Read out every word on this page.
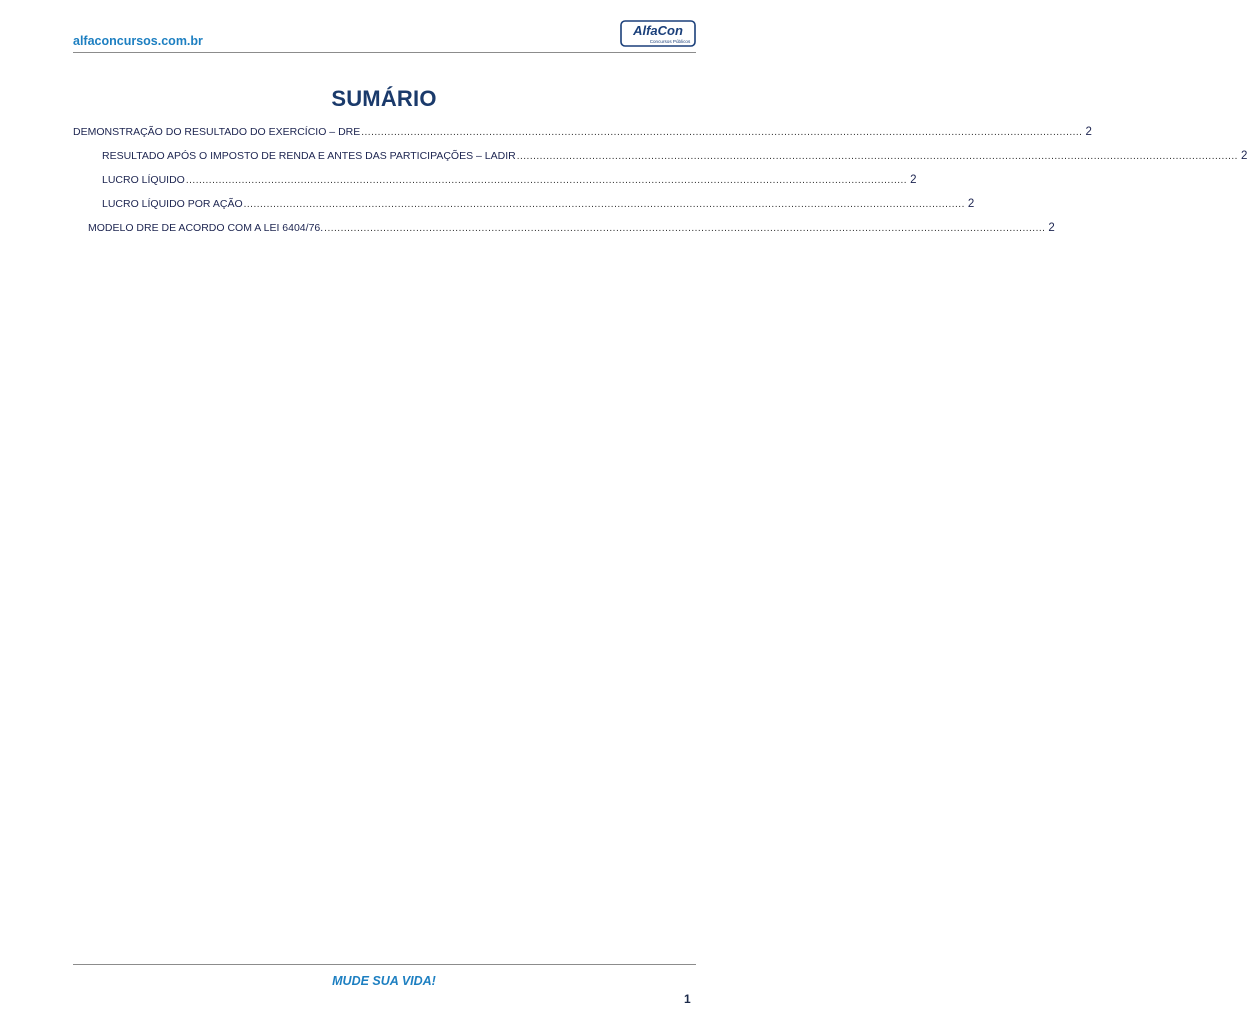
alfaconcursos.com.br
AlfaCon
Concursos Públicos
SUMÁRIO
DEMONSTRAÇÃO DO RESULTADO DO EXERCÍCIO – DRE ............................................................................................................................................................................................................................ 2
RESULTADO APÓS O IMPOSTO DE RENDA E ANTES DAS PARTICIPAÇÕES – LADIR ............................................................................................................................................................................................................................ 2
LUCRO LÍQUIDO ............................................................................................................................................................................................................................ 2
LUCRO LÍQUIDO POR AÇÃO ............................................................................................................................................................................................................................ 2
MODELO DRE DE ACORDO COM A LEI 6404/76. ............................................................................................................................................................................................................................ 2
MUDE SUA VIDA!
1
